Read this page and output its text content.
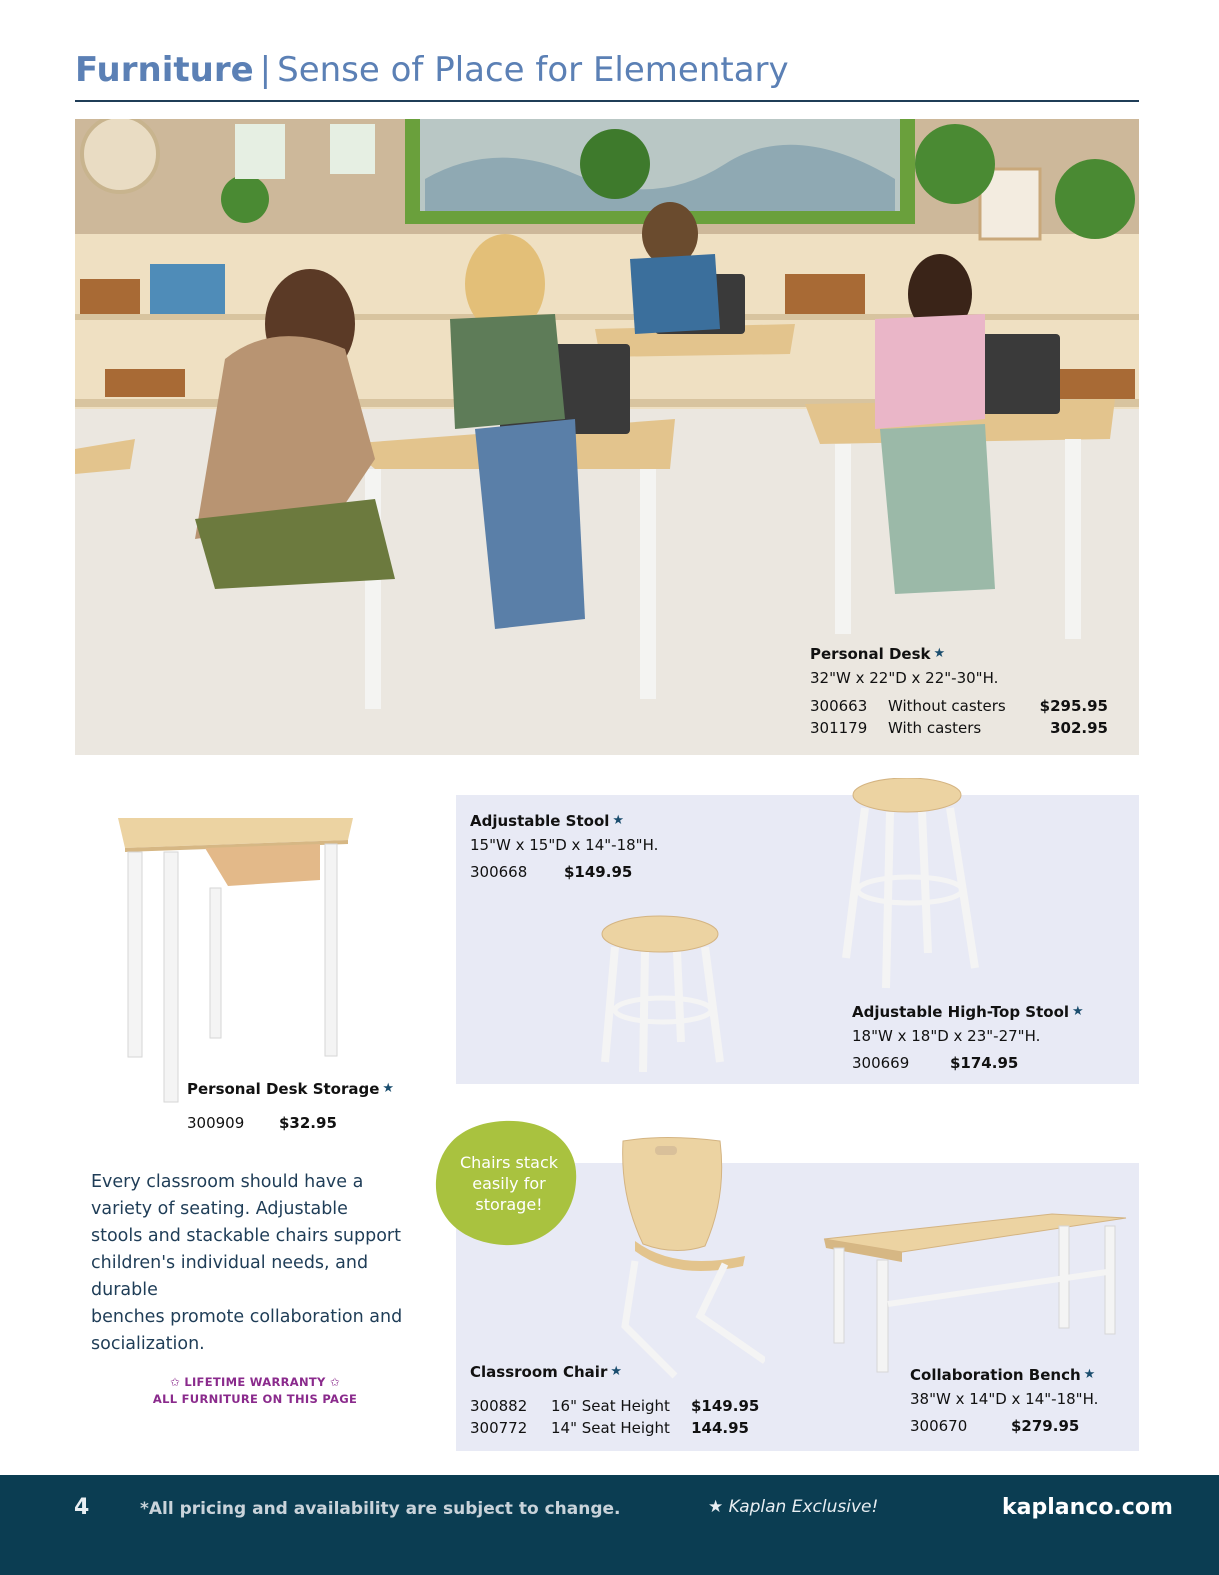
Furniture | Sense of Place for Elementary
Personal Desk ★
32"W x 22"D x 22"-30"H.
300663	Without casters	$295.95
301179	With casters	302.95
Personal Desk Storage ★
300909 $32.95
Every classroom should have a
variety of seating. Adjustable
stools and stackable chairs support
children's individual needs, and durable
benches promote collaboration and
socialization.
✩ LIFETIME WARRANTY ✩
ALL FURNITURE ON THIS PAGE
Adjustable Stool ★
15"W x 15"D x 14"-18"H.
300668 $149.95
Adjustable High-Top Stool ★
18"W x 18"D x 23"-27"H.
300669	$174.95
Chairs stack
easily for
storage!
Classroom Chair ★
300882	16" Seat Height	$149.95
300772	14" Seat Height	144.95
Collaboration Bench ★
38"W x 14"D x 14"-18"H.
300670	$279.95
4	*All pricing and availability are subject to change.	★ Kaplan Exclusive!	kaplanco.com
